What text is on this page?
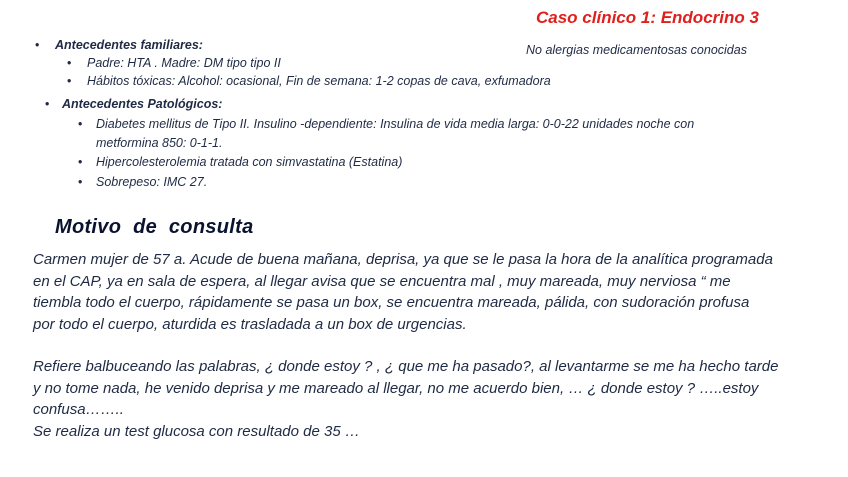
Caso clínico 1: Endocrino 3
No alergias medicamentosas conocidas
• Antecedentes familiares:
• Padre: HTA . Madre: DM tipo tipo II
• Hábitos tóxicas: Alcohol: ocasional, Fin de semana: 1-2 copas de cava, exfumadora
• Antecedentes Patológicos:
• Diabetes mellitus de Tipo II. Insulino -dependiente: Insulina de vida media larga: 0-0-22 unidades noche con
metformina 850: 0-1-1.
• Hipercolesterolemia tratada con simvastatina (Estatina)
• Sobrepeso: IMC 27.
Motivo de consulta
Carmen mujer de 57 a. Acude de buena mañana, deprisa, ya que se le pasa la hora de la analítica programada
en el CAP, ya en sala de espera, al llegar avisa que se encuentra mal , muy mareada, muy nerviosa “ me
tiembla todo el cuerpo, rápidamente se pasa un box, se encuentra mareada, pálida, con sudoración profusa
por todo el cuerpo, aturdida es trasladada a un box de urgencias.
Refiere balbuceando las palabras, ¿ donde estoy ? , ¿ que me ha pasado?, al levantarme se me ha hecho tarde
y no tome nada, he venido deprisa y me mareado al llegar, no me acuerdo bien, … ¿ donde estoy ? …..estoy
confusa……..
Se realiza un test glucosa con resultado de 35 …
